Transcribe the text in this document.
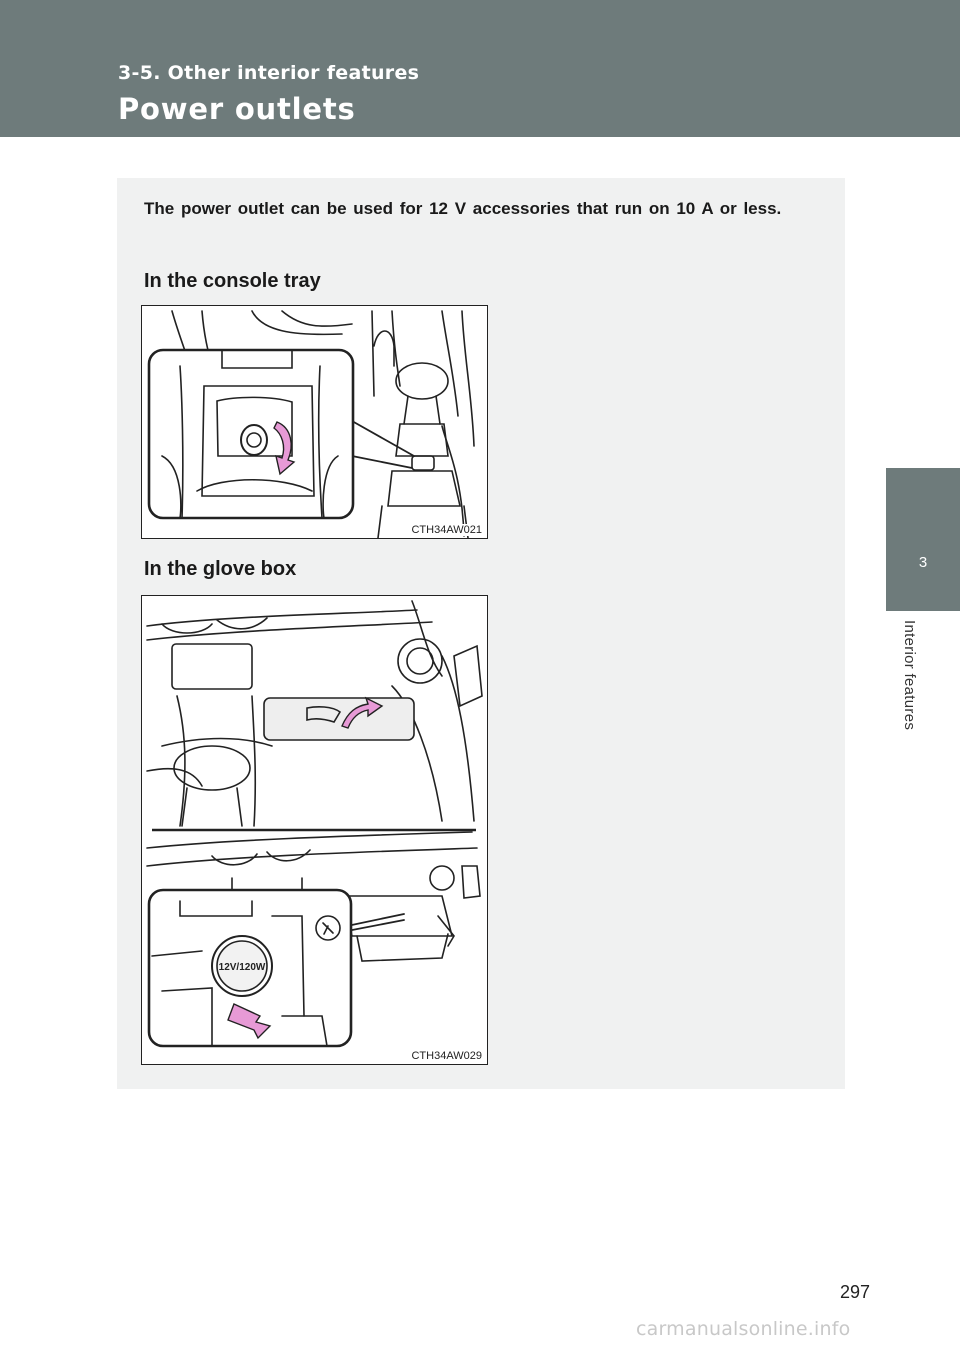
3-5. Other interior features
Power outlets
3
Interior features

The power outlet can be used for 12 V accessories that run on 10 A or less.

In the console tray
CTH34AW021
In the glove box
12V/120W
CTH34AW029
297
carmanualsonline.info
